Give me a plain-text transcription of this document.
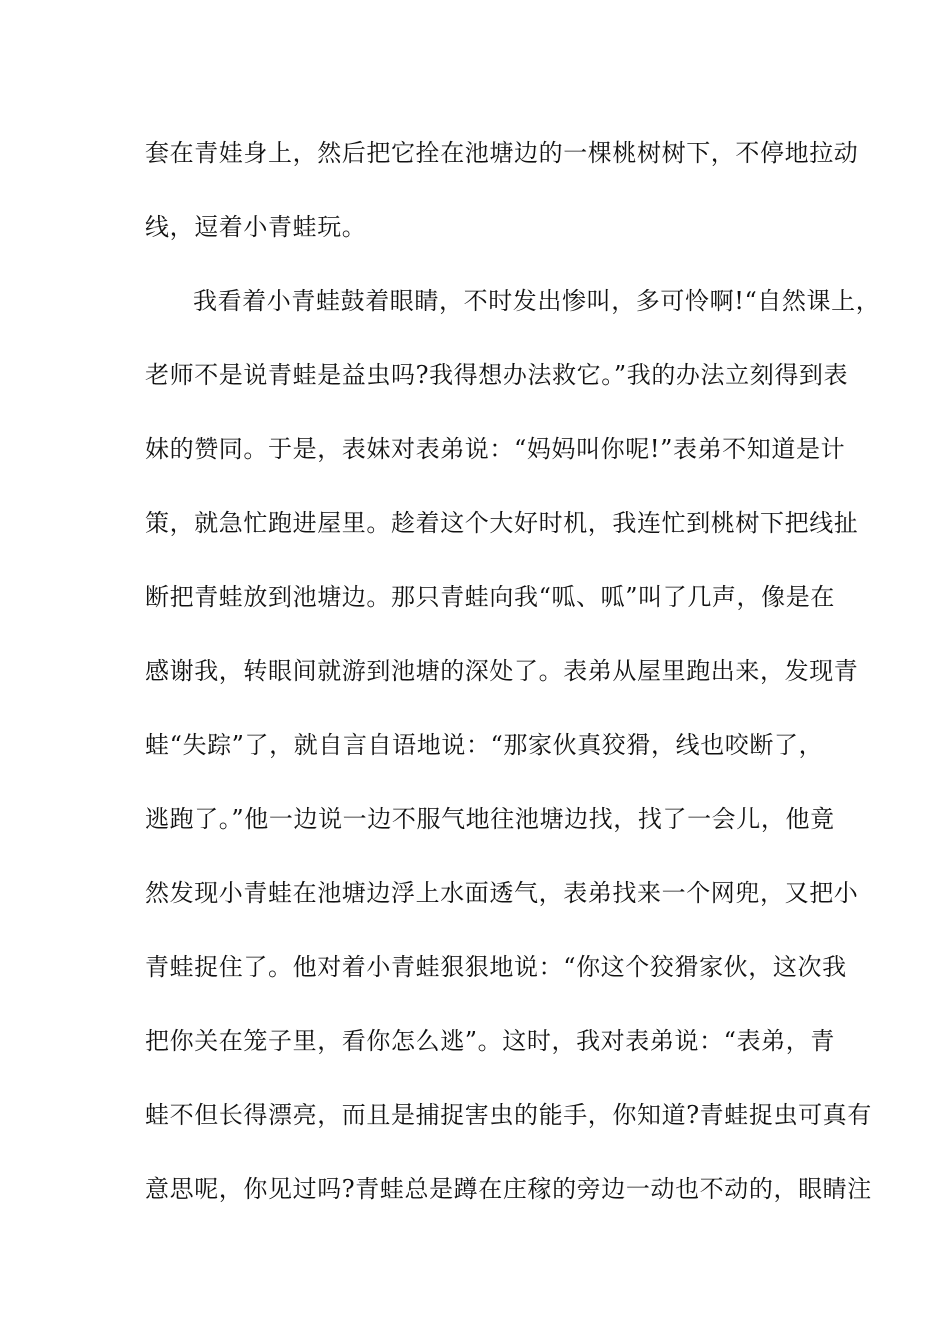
套在青娃身上，然后把它拴在池塘边的一棵桃树树下，不停地拉动
线，逗着小青蛙玩。
我看着小青蛙鼓着眼睛，不时发出惨叫，多可怜啊!“自然课上，
老师不是说青蛙是益虫吗?我得想办法救它。”我的办法立刻得到表
妹的赞同。于是，表妹对表弟说：“妈妈叫你呢!”表弟不知道是计
策，就急忙跑进屋里。趁着这个大好时机，我连忙到桃树下把线扯
断把青蛙放到池塘边。那只青蛙向我“呱、呱”叫了几声，像是在
感谢我，转眼间就游到池塘的深处了。表弟从屋里跑出来，发现青
蛙“失踪”了，就自言自语地说：“那家伙真狡猾，线也咬断了，
逃跑了。”他一边说一边不服气地往池塘边找，找了一会儿，他竟
然发现小青蛙在池塘边浮上水面透气，表弟找来一个网兜，又把小
青蛙捉住了。他对着小青蛙狠狠地说：“你这个狡猾家伙，这次我
把你关在笼子里，看你怎么逃”。这时，我对表弟说：“表弟，青
蛙不但长得漂亮，而且是捕捉害虫的能手，你知道?青蛙捉虫可真有
意思呢，你见过吗?青蛙总是蹲在庄稼的旁边一动也不动的，眼睛注
